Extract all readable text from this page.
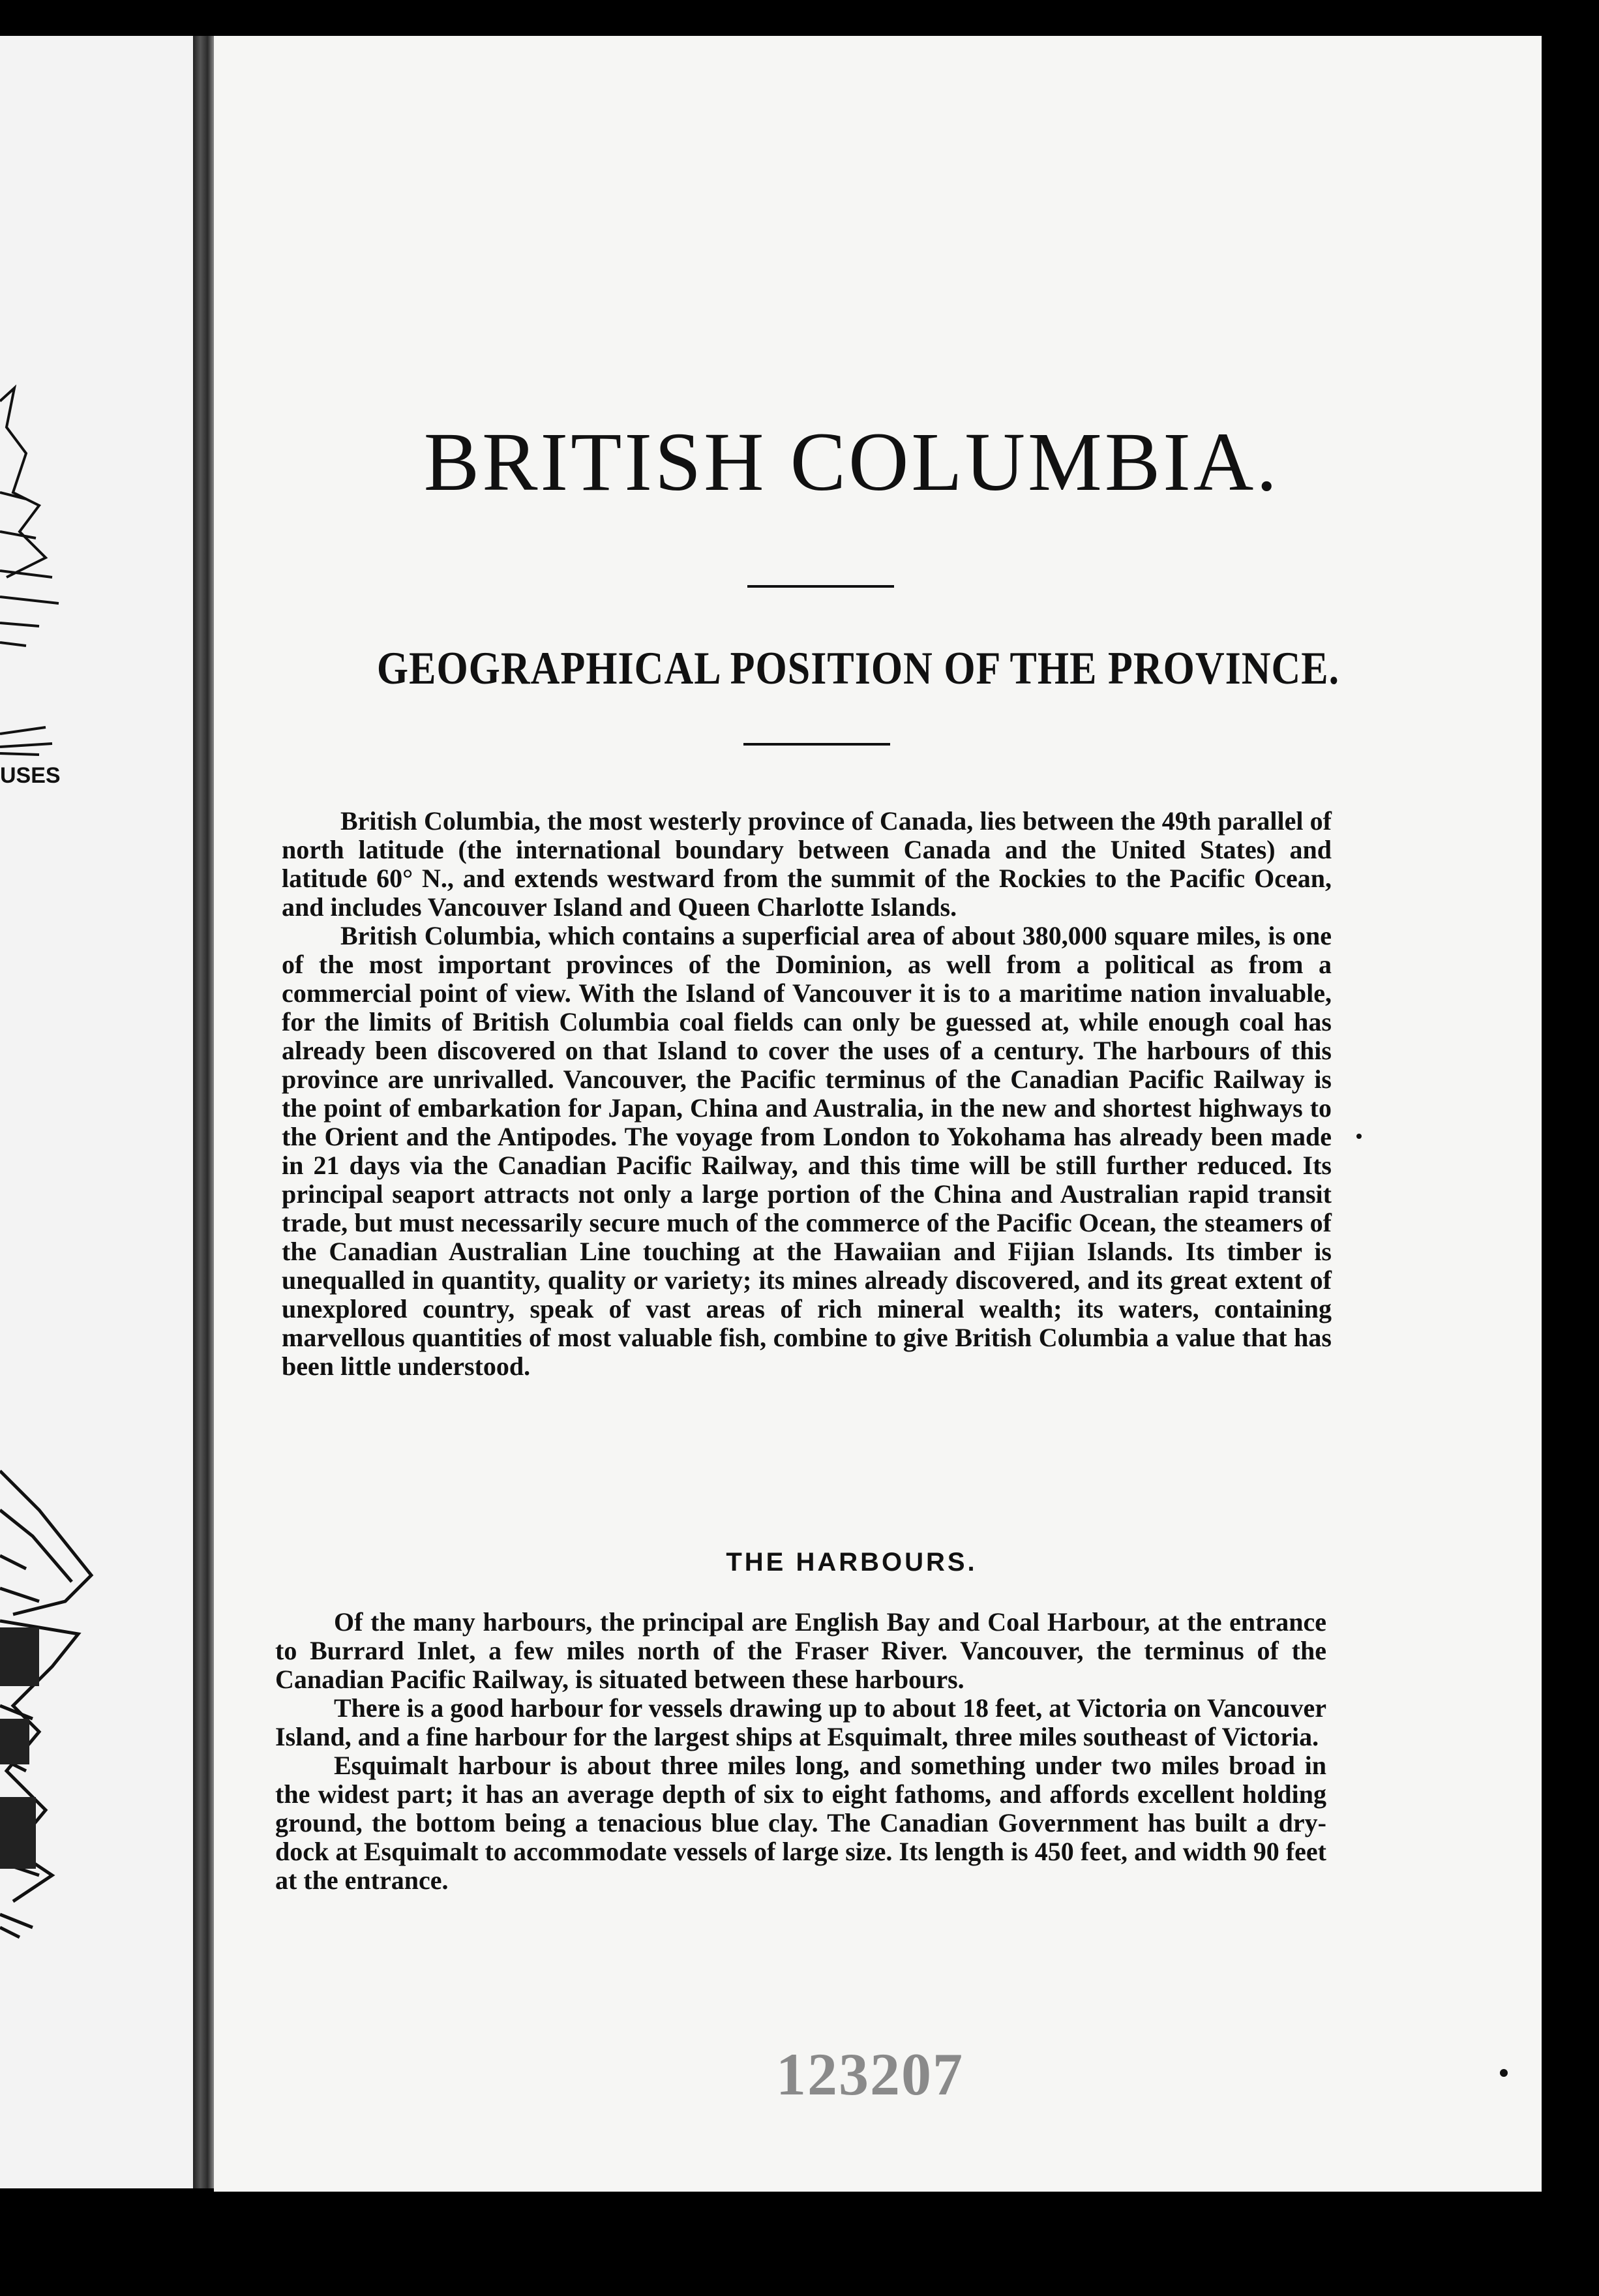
USES
BRITISH COLUMBIA.
GEOGRAPHICAL POSITION OF THE PROVINCE.

British Columbia, the most westerly province of Canada, lies between the 49th parallel of north latitude (the international boundary between Canada and the United States) and latitude 60° N., and extends westward from the summit of the Rockies to the Pacific Ocean, and includes Vancouver Island and Queen Charlotte Islands.

British Columbia, which contains a superficial area of about 380,000 square miles, is one of the most important provinces of the Dominion, as well from a political as from a commercial point of view. With the Island of Vancouver it is to a maritime nation invaluable, for the limits of British Columbia coal fields can only be guessed at, while enough coal has already been discovered on that Island to cover the uses of a century. The harbours of this province are unrivalled. Vancouver, the Pacific terminus of the Canadian Pacific Railway is the point of embarkation for Japan, China and Australia, in the new and shortest highways to the Orient and the Antipodes. The voyage from London to Yokohama has already been made in 21 days via the Canadian Pacific Railway, and this time will be still further reduced. Its principal seaport attracts not only a large portion of the China and Australian rapid transit trade, but must necessarily secure much of the commerce of the Pacific Ocean, the steamers of the Canadian Australian Line touching at the Hawaiian and Fijian Islands. Its timber is unequalled in quantity, quality or variety; its mines already discovered, and its great extent of unexplored country, speak of vast areas of rich mineral wealth; its waters, containing marvellous quantities of most valuable fish, combine to give British Columbia a value that has been little understood.

THE HARBOURS.

Of the many harbours, the principal are English Bay and Coal Harbour, at the entrance to Burrard Inlet, a few miles north of the Fraser River. Vancouver, the terminus of the Canadian Pacific Railway, is situated between these harbours.

There is a good harbour for vessels drawing up to about 18 feet, at Victoria on Vancouver Island, and a fine harbour for the largest ships at Esquimalt, three miles southeast of Victoria.

Esquimalt harbour is about three miles long, and something under two miles broad in the widest part; it has an average depth of six to eight fathoms, and affords excellent holding ground, the bottom being a tenacious blue clay. The Canadian Government has built a dry-dock at Esquimalt to accommodate vessels of large size. Its length is 450 feet, and width 90 feet at the entrance.

123207
